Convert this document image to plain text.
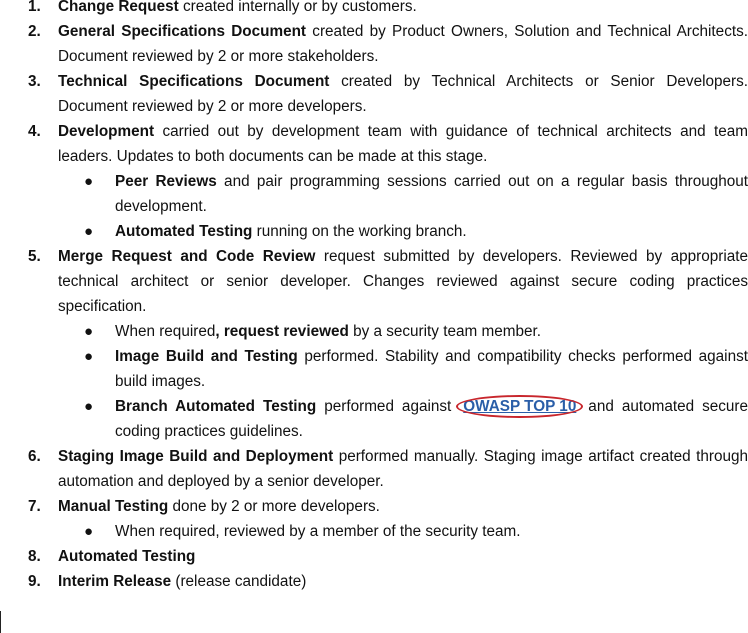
1. Change Request created internally or by customers.

2. General Specifications Document created by Product Owners, Solution and Technical Architects. Document reviewed by 2 or more stakeholders.

3. Technical Specifications Document created by Technical Architects or Senior Developers. Document reviewed by 2 or more developers.

4. Development carried out by development team with guidance of technical architects and team leaders. Updates to both documents can be made at this stage.

● Peer Reviews and pair programming sessions carried out on a regular basis throughout development.

● Automated Testing running on the working branch.

5. Merge Request and Code Review request submitted by developers. Reviewed by appropriate technical architect or senior developer. Changes reviewed against secure coding practices specification.

● When required, request reviewed by a security team member.

● Image Build and Testing performed. Stability and compatibility checks performed against build images.

● Branch Automated Testing performed against OWASP TOP 10
and automated secure coding practices guidelines.

6. Staging Image Build and Deployment performed manually. Staging image artifact created through automation and deployed by a senior developer.

7. Manual Testing done by 2 or more developers.

● When required, reviewed by a member of the security team.

8. Automated Testing

9. Interim Release (release candidate)
